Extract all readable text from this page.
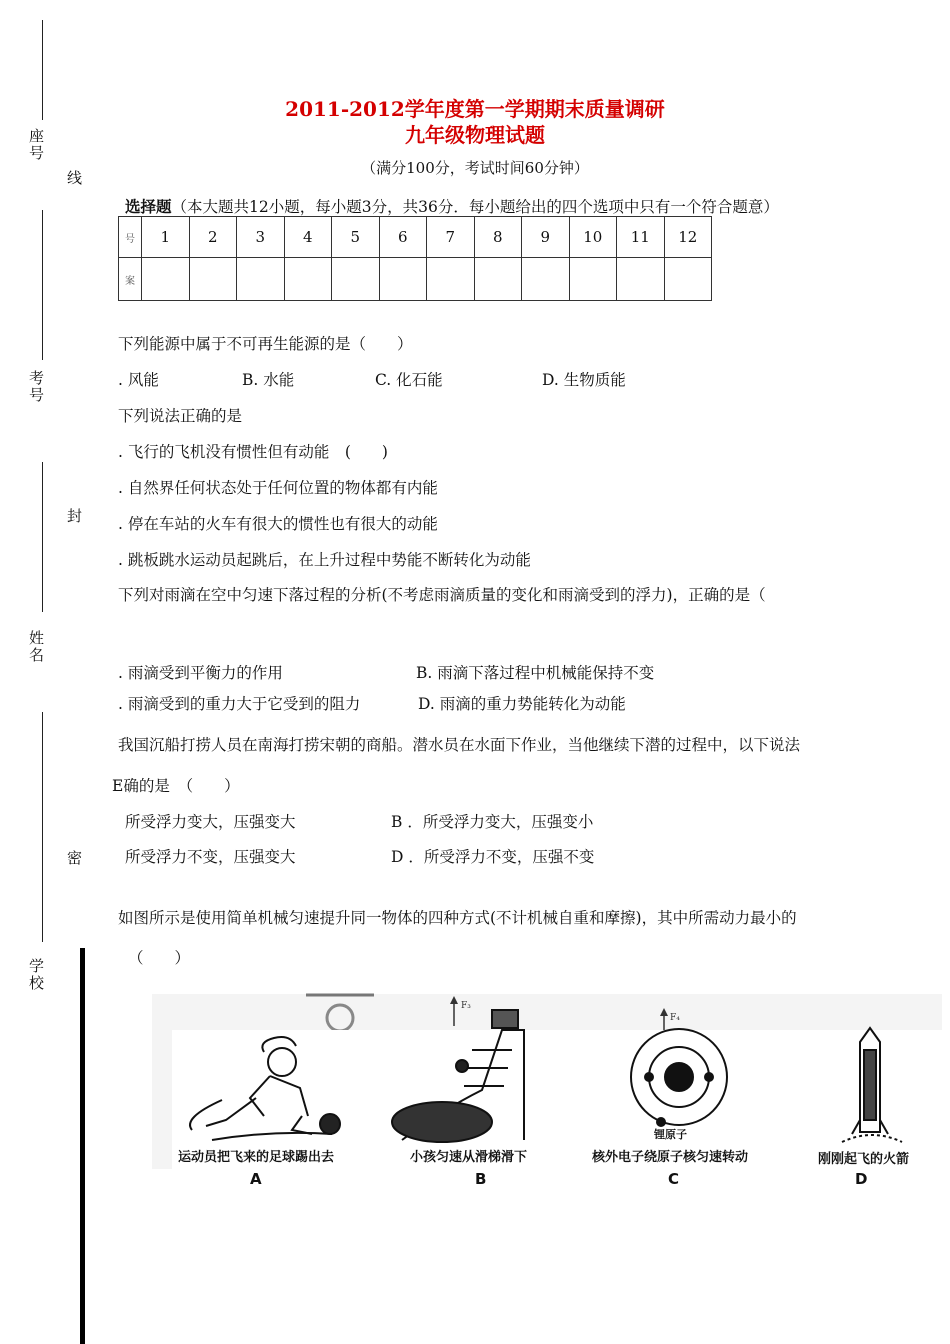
座号
线
考号
封
姓名
密
学校
2011-2012学年度第一学期期末质量调研
九年级物理试题
（满分100分，考试时间60分钟）
选择题（本大题共12小题，每小题3分，共36分．每小题给出的四个选项中只有一个符合题意）
号	1	2	3	4	5	6	7	8	9	10	11	12
案												
下列能源中属于不可再生能源的是（　　）
. 风能	B. 水能	C. 化石能	D. 生物质能
下列说法正确的是
. 飞行的飞机没有惯性但有动能　(　　)
. 自然界任何状态处于任何位置的物体都有内能
. 停在车站的火车有很大的惯性也有很大的动能
. 跳板跳水运动员起跳后，在上升过程中势能不断转化为动能
下列对雨滴在空中匀速下落过程的分析(不考虑雨滴质量的变化和雨滴受到的浮力)，正确的是（
. 雨滴受到平衡力的作用	B. 雨滴下落过程中机械能保持不变
. 雨滴受到的重力大于它受到的阻力	D. 雨滴的重力势能转化为动能
我国沉船打捞人员在南海打捞宋朝的商船。潜水员在水面下作业，当他继续下潜的过程中，以下说法
E确的是　（　　）
所受浮力变大，压强变大	B ．所受浮力变大，压强变小
所受浮力不变，压强变大	D ．所受浮力不变，压强不变
如图所示是使用简单机械匀速提升同一物体的四种方式(不计机械自重和摩擦)，其中所需动力最小的
（　　）
F₃
F₄
锂原子
运动员把飞来的足球踢出去	小孩匀速从滑梯滑下	核外电子绕原子核匀速转动	刚刚起飞的火箭
A	B	C	D
